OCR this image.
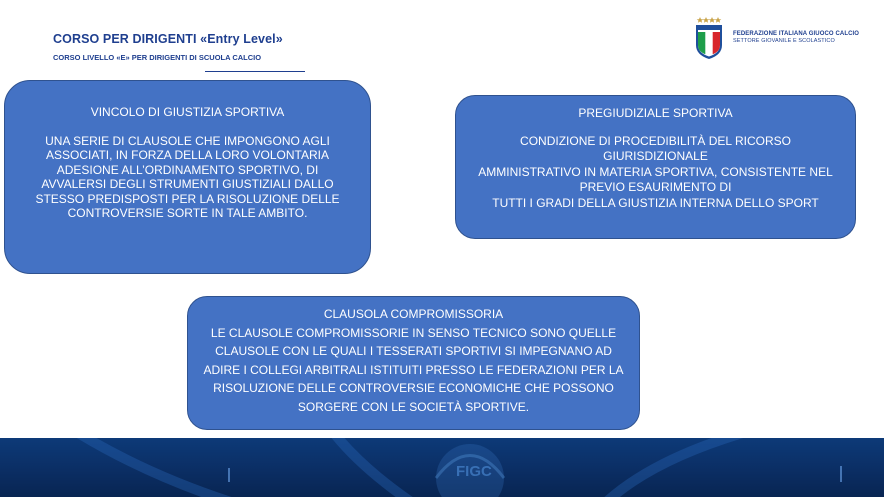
CORSO PER DIRIGENTI «Entry Level»
CORSO LIVELLO «E» PER DIRIGENTI DI SCUOLA CALCIO
FEDERAZIONE ITALIANA GIUOCO CALCIO
SETTORE GIOVANILE E SCOLASTICO

VINCOLO DI GIUSTIZIA SPORTIVA

UNA SERIE DI CLAUSOLE CHE IMPONGONO AGLI ASSOCIATI, IN FORZA DELLA LORO VOLONTARIA ADESIONE ALL’ORDINAMENTO SPORTIVO, DI AVVALERSI DEGLI STRUMENTI GIUSTIZIALI DALLO STESSO PREDISPOSTI PER LA RISOLUZIONE DELLE CONTROVERSIE SORTE IN TALE AMBITO.

PREGIUDIZIALE SPORTIVA

CONDIZIONE DI PROCEDIBILITÀ DEL RICORSO GIURISDIZIONALE
AMMINISTRATIVO IN MATERIA SPORTIVA, CONSISTENTE NEL PREVIO ESAURIMENTO DI
TUTTI I GRADI DELLA GIUSTIZIA INTERNA DELLO SPORT

CLAUSOLA COMPROMISSORIA

LE CLAUSOLE COMPROMISSORIE IN SENSO TECNICO SONO QUELLE CLAUSOLE CON LE QUALI I TESSERATI SPORTIVI SI IMPEGNANO AD ADIRE I COLLEGI ARBITRALI ISTITUITI PRESSO LE FEDERAZIONI PER LA RISOLUZIONE DELLE CONTROVERSIE ECONOMICHE CHE POSSONO SORGERE CON LE SOCIETÀ SPORTIVE.

FIGC
